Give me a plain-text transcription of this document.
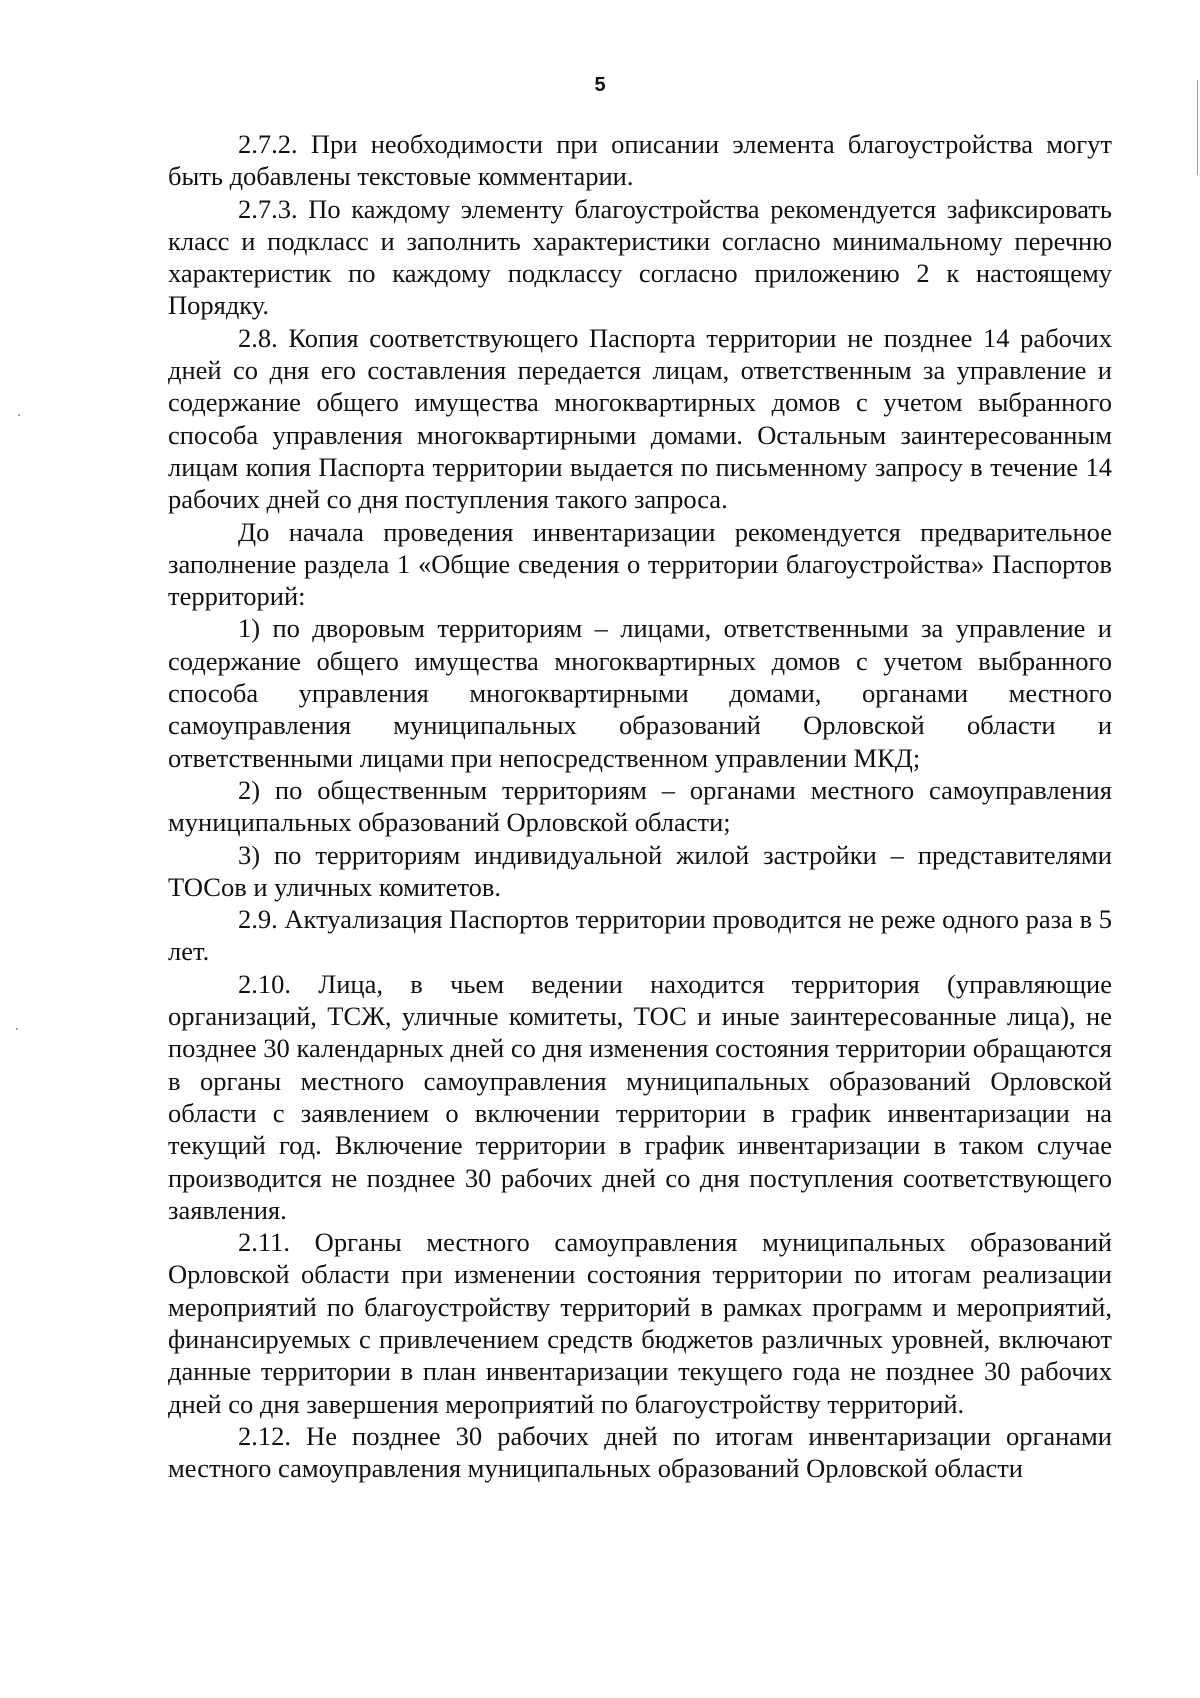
5

2.7.2. При необходимости при описании элемента благоустройства могут быть добавлены текстовые комментарии.

2.7.3. По каждому элементу благоустройства рекомендуется зафиксировать класс и подкласс и заполнить характеристики согласно минимальному перечню характеристик по каждому подклассу согласно приложению 2 к настоящему Порядку.

2.8. Копия соответствующего Паспорта территории не позднее 14 рабочих дней со дня его составления передается лицам, ответственным за управление и содержание общего имущества многоквартирных домов с учетом выбранного способа управления многоквартирными домами. Остальным заинтересованным лицам копия Паспорта территории выдается по письменному запросу в течение 14 рабочих дней со дня поступления такого запроса.

До начала проведения инвентаризации рекомендуется предварительное заполнение раздела 1 «Общие сведения о территории благоустройства» Паспортов территорий:

1) по дворовым территориям – лицами, ответственными за управление и содержание общего имущества многоквартирных домов с учетом выбранного способа управления многоквартирными домами, органами местного самоуправления муниципальных образований Орловской области и ответственными лицами при непосредственном управлении МКД;

2) по общественным территориям – органами местного самоуправления муниципальных образований Орловской области;

3) по территориям индивидуальной жилой застройки – представителями ТОСов и уличных комитетов.

2.9. Актуализация Паспортов территории проводится не реже одного раза в 5 лет.

2.10. Лица, в чьем ведении находится территория (управляющие организаций, ТСЖ, уличные комитеты, ТОС и иные заинтересованные лица), не позднее 30 календарных дней со дня изменения состояния территории обращаются в органы местного самоуправления муниципальных образований Орловской области с заявлением о включении территории в график инвентаризации на текущий год. Включение территории в график инвентаризации в таком случае производится не позднее 30 рабочих дней со дня поступления соответствующего заявления.

2.11. Органы местного самоуправления муниципальных образований Орловской области при изменении состояния территории по итогам реализации мероприятий по благоустройству территорий в рамках программ и мероприятий, финансируемых с привлечением средств бюджетов различных уровней, включают данные территории в план инвентаризации текущего года не позднее 30 рабочих дней со дня завершения мероприятий по благоустройству территорий.

2.12. Не позднее 30 рабочих дней по итогам инвентаризации органами местного самоуправления муниципальных образований Орловской области
